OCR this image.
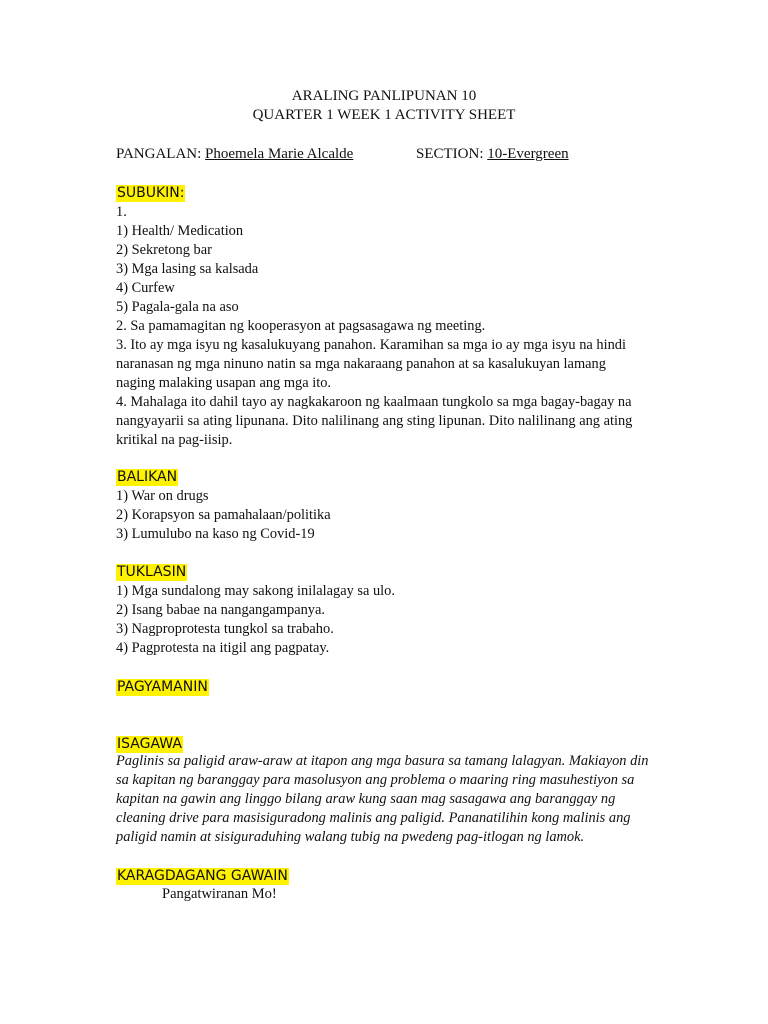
ARALING PANLIPUNAN 10
QUARTER 1 WEEK 1 ACTIVITY SHEET
PANGALAN: Phoemela Marie Alcalde	SECTION: 10-Evergreen
SUBUKIN:
1.
1) Health/ Medication
2) Sekretong bar
3) Mga lasing sa kalsada
4) Curfew
5) Pagala-gala na aso
2. Sa pamamagitan ng kooperasyon at pagsasagawa ng meeting.
3. Ito ay mga isyu ng kasalukuyang panahon. Karamihan sa mga io ay mga isyu na hindi
naranasan ng mga ninuno natin sa mga nakaraang panahon at sa kasalukuyan lamang
naging malaking usapan ang mga ito.
4. Mahalaga ito dahil tayo ay nagkakaroon ng kaalmaan tungkolo sa mga bagay-bagay na
nangyayarii sa ating lipunana. Dito nalilinang ang sting lipunan. Dito nalilinang ang ating
kritikal na pag-iisip.
BALIKAN
1) War on drugs
2) Korapsyon sa pamahalaan/politika
3) Lumulubo na kaso ng Covid-19
TUKLASIN
1) Mga sundalong may sakong inilalagay sa ulo.
2) Isang babae na nangangampanya.
3) Nagproprotesta tungkol sa trabaho.
4) Pagprotesta na itigil ang pagpatay.
PAGYAMANIN
ISAGAWA
Paglinis sa paligid araw-araw at itapon ang mga basura sa tamang lalagyan. Makiayon din
sa kapitan ng baranggay para masolusyon ang problema o maaring ring masuhestiyon sa
kapitan na gawin ang linggo bilang araw kung saan mag sasagawa ang baranggay ng
cleaning drive para masisiguradong malinis ang paligid. Pananatilihin kong malinis ang
paligid namin at sisiguraduhing walang tubig na pwedeng pag-itlogan ng lamok.
KARAGDAGANG GAWAIN
Pangatwiranan Mo!
